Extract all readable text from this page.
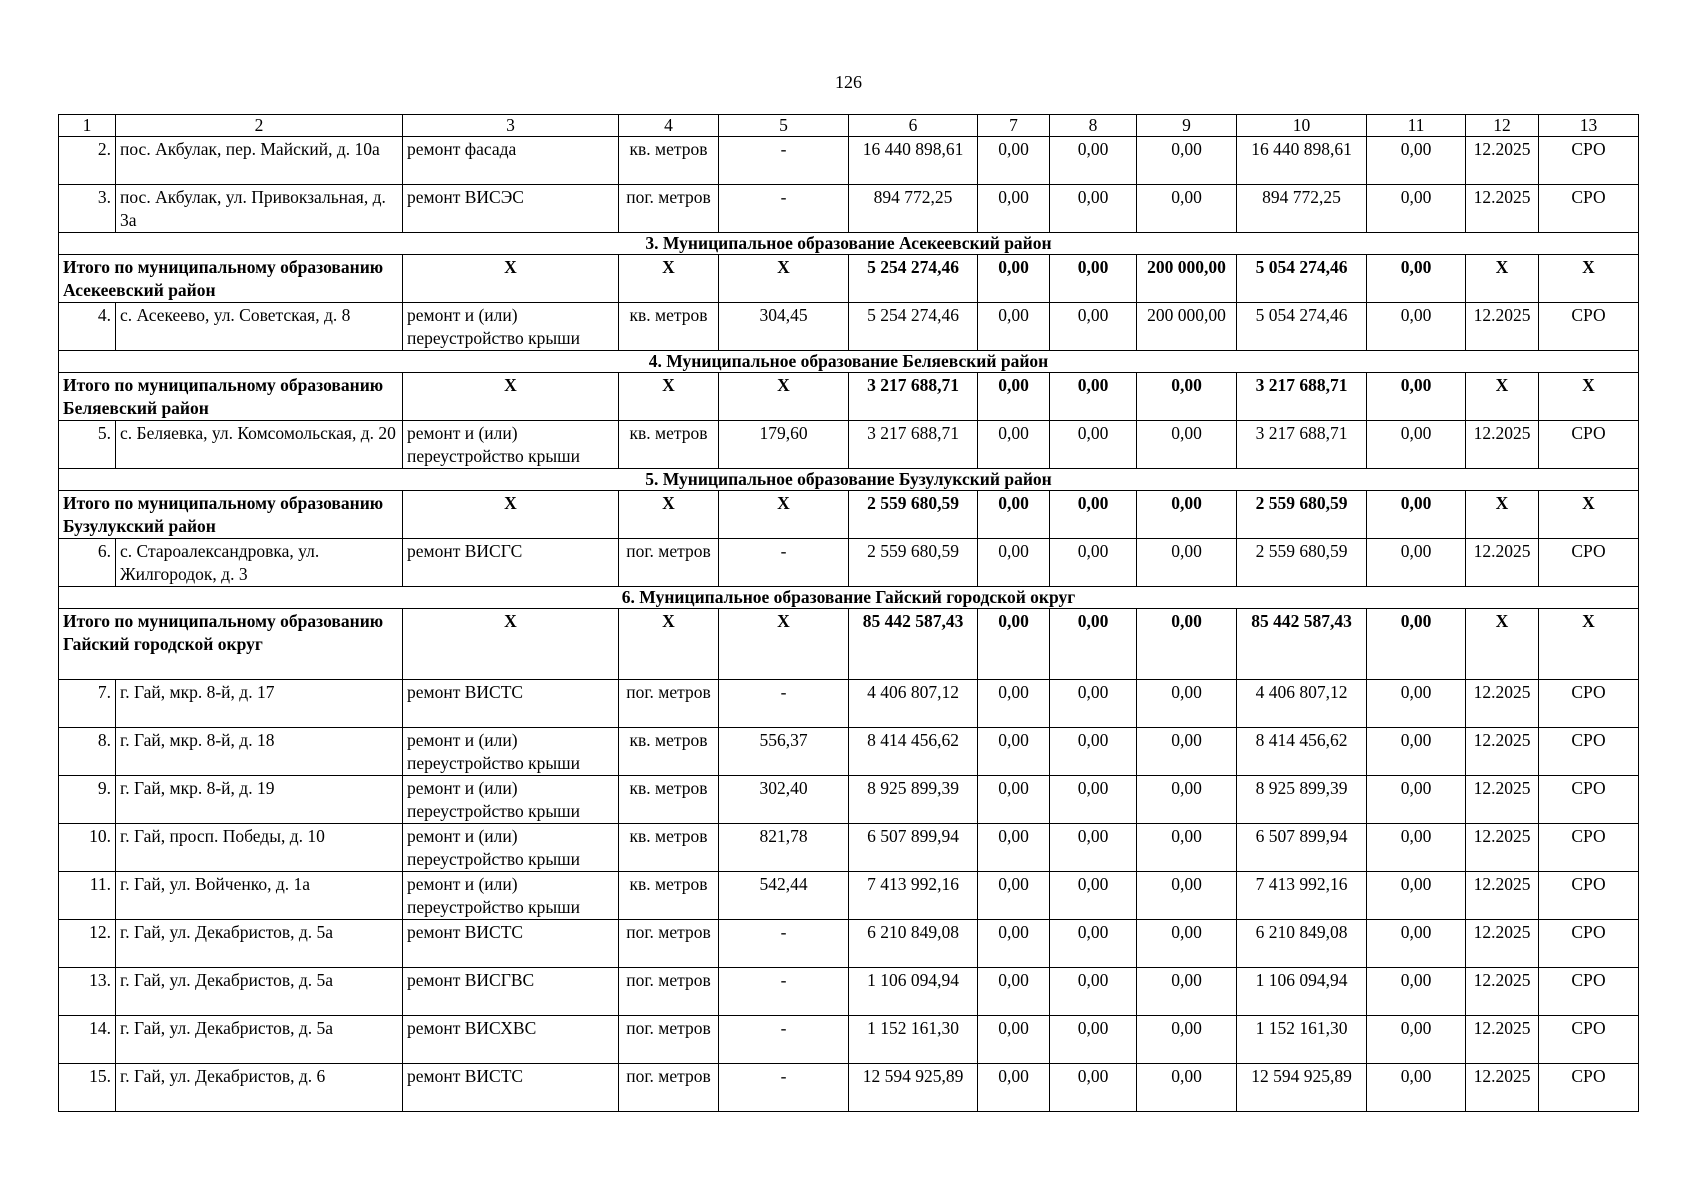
126
1	2	3	4	5	6	7	8	9	10	11	12	13
2.	пос. Акбулак, пер. Майский, д. 10а	ремонт фасада	кв. метров	-	16 440 898,61	0,00	0,00	0,00	16 440 898,61	0,00	12.2025	СРО
3.	пос. Акбулак, ул. Привокзальная, д. 3а	ремонт ВИСЭС	пог. метров	-	894 772,25	0,00	0,00	0,00	894 772,25	0,00	12.2025	СРО
3. Муниципальное образование Асекеевский район												
Итого по муниципальному образованию Асекеевский район		Х	Х	Х	5 254 274,46	0,00	0,00	200 000,00	5 054 274,46	0,00	Х	Х
4.	с. Асекеево, ул. Советская, д. 8	ремонт и (или) переустройство крыши	кв. метров	304,45	5 254 274,46	0,00	0,00	200 000,00	5 054 274,46	0,00	12.2025	СРО
4. Муниципальное образование Беляевский район												
Итого по муниципальному образованию Беляевский район		Х	Х	Х	3 217 688,71	0,00	0,00	0,00	3 217 688,71	0,00	Х	Х
5.	с. Беляевка, ул. Комсомольская, д. 20	ремонт и (или) переустройство крыши	кв. метров	179,60	3 217 688,71	0,00	0,00	0,00	3 217 688,71	0,00	12.2025	СРО
5. Муниципальное образование Бузулукский район												
Итого по муниципальному образованию Бузулукский район		Х	Х	Х	2 559 680,59	0,00	0,00	0,00	2 559 680,59	0,00	Х	Х
6.	с. Староалександровка, ул. Жилгородок, д. 3	ремонт ВИСГС	пог. метров	-	2 559 680,59	0,00	0,00	0,00	2 559 680,59	0,00	12.2025	СРО
6. Муниципальное образование Гайский городской округ												
Итого по муниципальному образованию Гайский городской округ		Х	Х	Х	85 442 587,43	0,00	0,00	0,00	85 442 587,43	0,00	Х	Х
7.	г. Гай, мкр. 8-й, д. 17	ремонт ВИСТС	пог. метров	-	4 406 807,12	0,00	0,00	0,00	4 406 807,12	0,00	12.2025	СРО
8.	г. Гай, мкр. 8-й, д. 18	ремонт и (или) переустройство крыши	кв. метров	556,37	8 414 456,62	0,00	0,00	0,00	8 414 456,62	0,00	12.2025	СРО
9.	г. Гай, мкр. 8-й, д. 19	ремонт и (или) переустройство крыши	кв. метров	302,40	8 925 899,39	0,00	0,00	0,00	8 925 899,39	0,00	12.2025	СРО
10.	г. Гай, просп. Победы, д. 10	ремонт и (или) переустройство крыши	кв. метров	821,78	6 507 899,94	0,00	0,00	0,00	6 507 899,94	0,00	12.2025	СРО
11.	г. Гай, ул. Войченко, д. 1а	ремонт и (или) переустройство крыши	кв. метров	542,44	7 413 992,16	0,00	0,00	0,00	7 413 992,16	0,00	12.2025	СРО
12.	г. Гай, ул. Декабристов, д. 5а	ремонт ВИСТС	пог. метров	-	6 210 849,08	0,00	0,00	0,00	6 210 849,08	0,00	12.2025	СРО
13.	г. Гай, ул. Декабристов, д. 5а	ремонт ВИСГВС	пог. метров	-	1 106 094,94	0,00	0,00	0,00	1 106 094,94	0,00	12.2025	СРО
14.	г. Гай, ул. Декабристов, д. 5а	ремонт ВИСХВС	пог. метров	-	1 152 161,30	0,00	0,00	0,00	1 152 161,30	0,00	12.2025	СРО
15.	г. Гай, ул. Декабристов, д. 6	ремонт ВИСТС	пог. метров	-	12 594 925,89	0,00	0,00	0,00	12 594 925,89	0,00	12.2025	СРО
